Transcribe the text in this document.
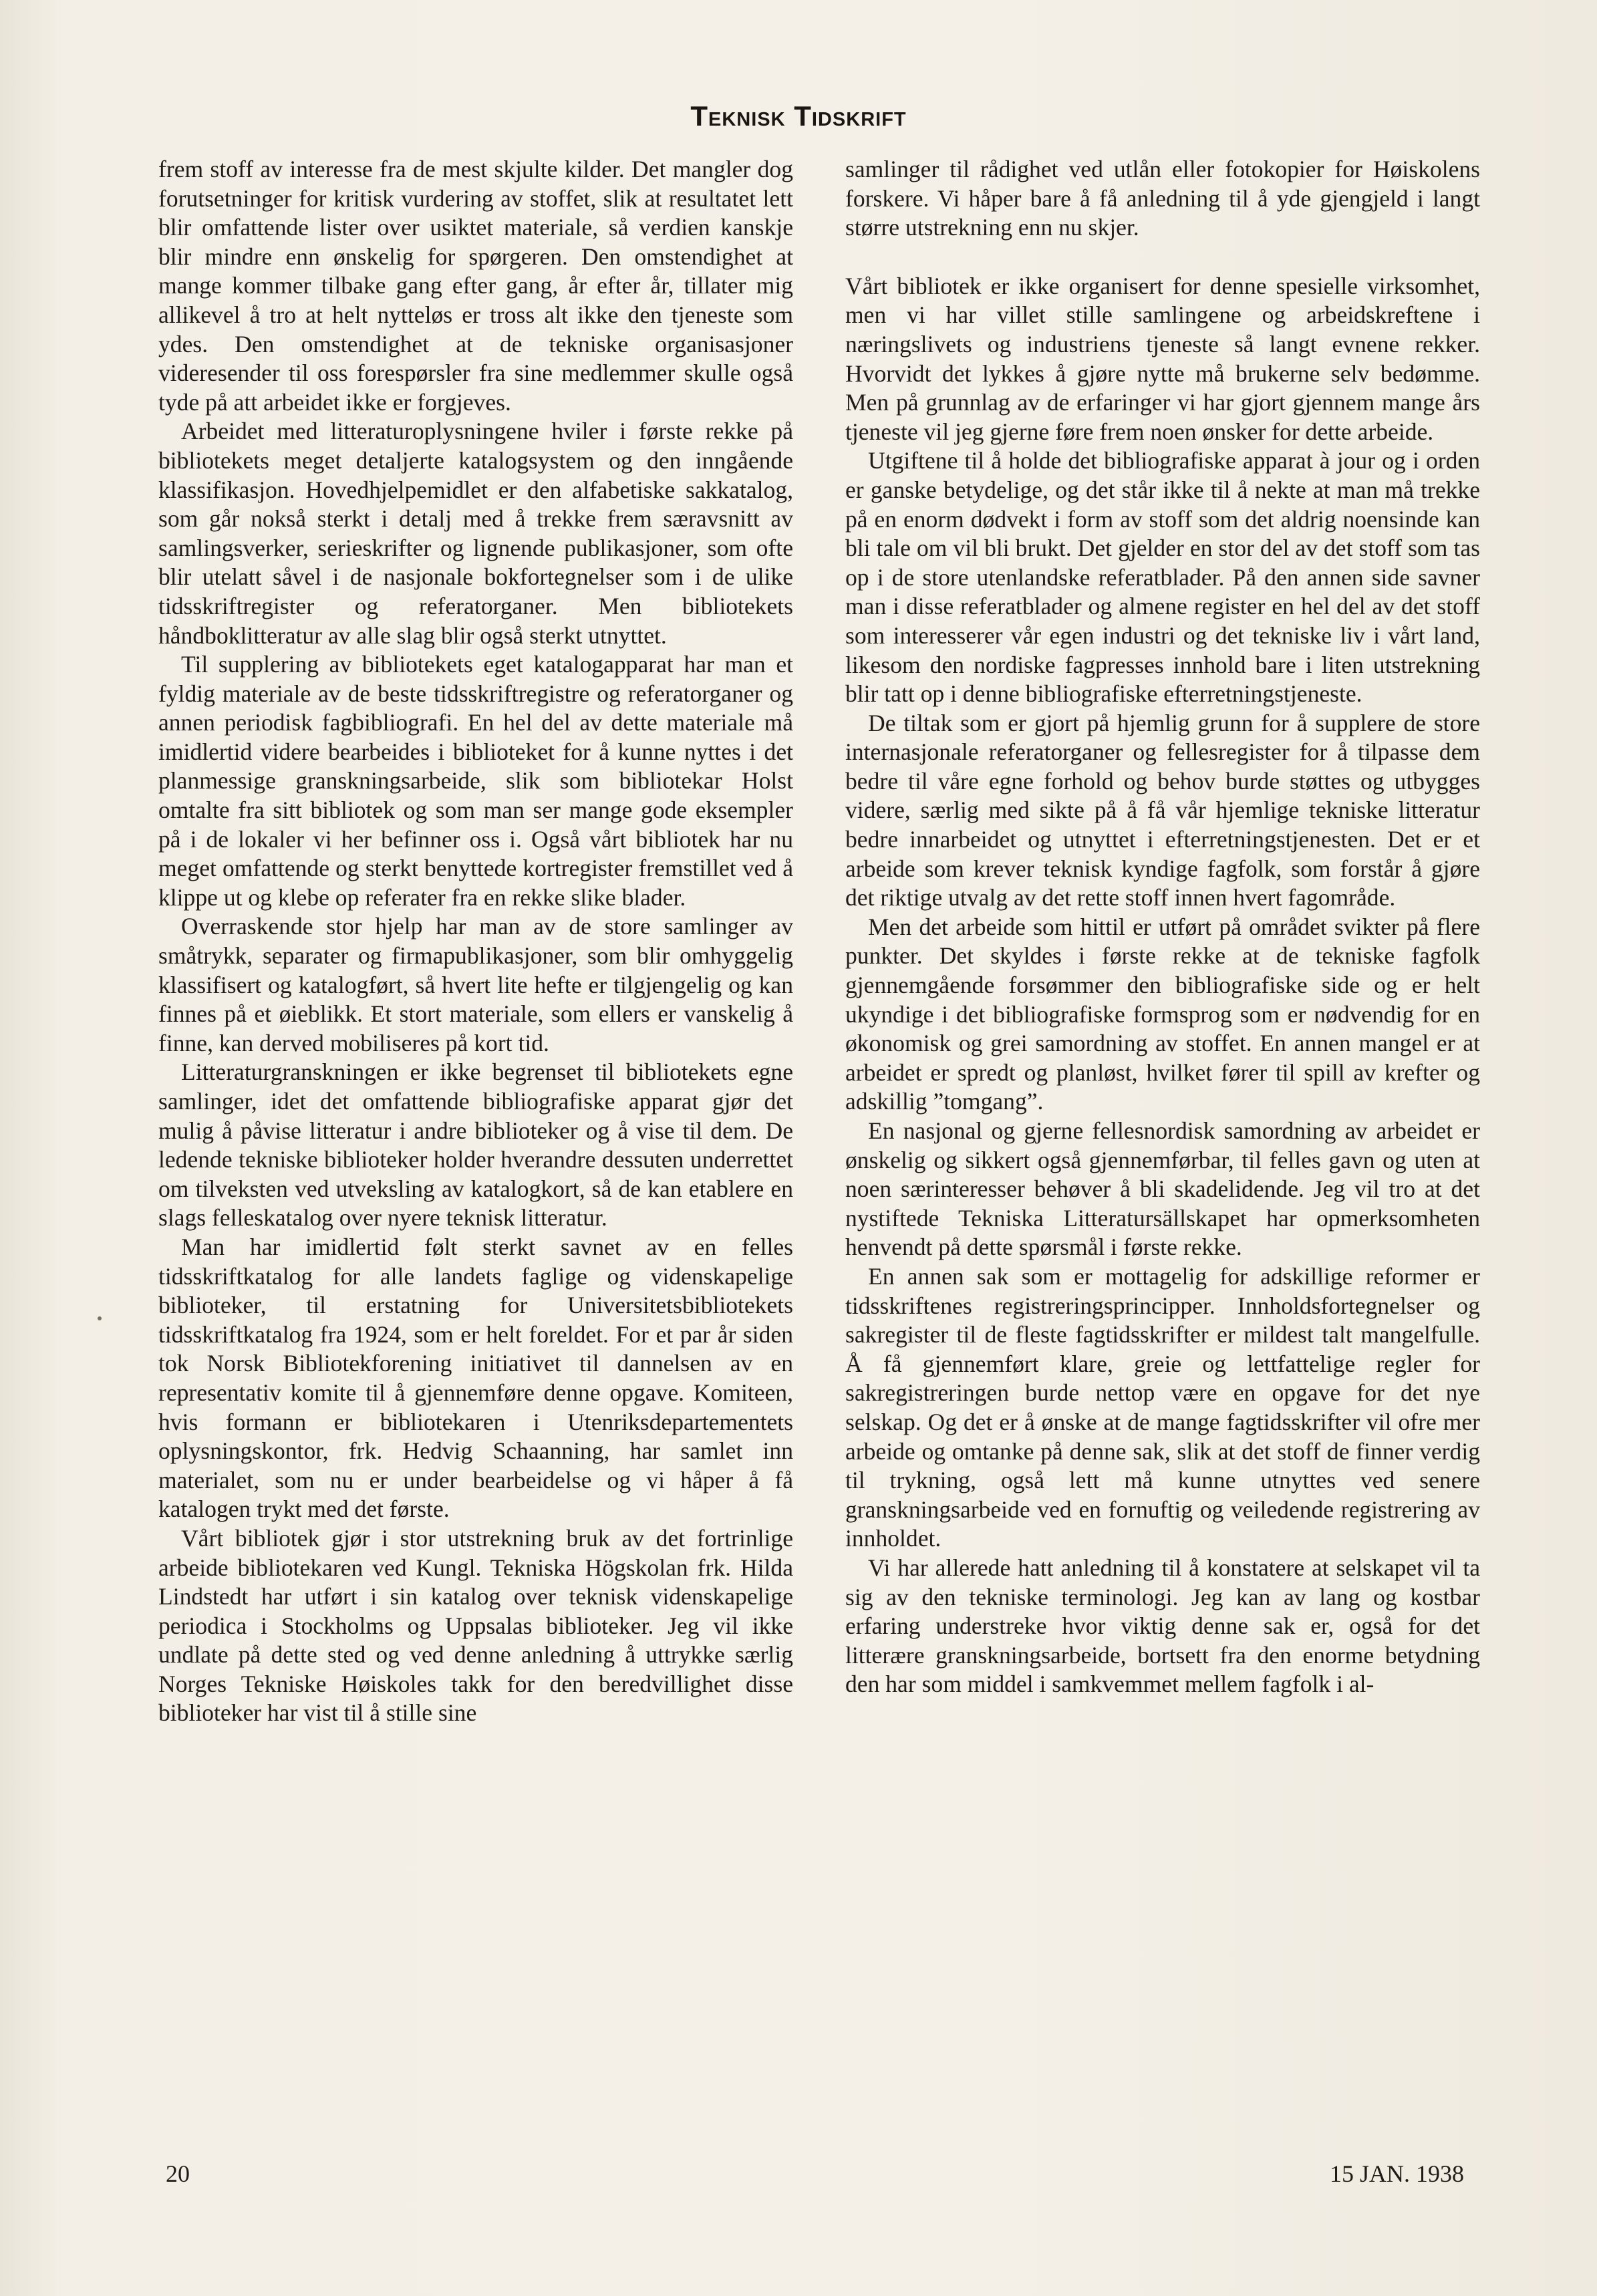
Teknisk Tidskrift

frem stoff av interesse fra de mest skjulte kilder. Det mangler dog forutsetninger for kritisk vurdering av stoffet, slik at resultatet lett blir omfattende lister over usiktet materiale, så verdien kanskje blir mindre enn ønskelig for spørgeren. Den omstendighet at mange kommer tilbake gang efter gang, år efter år, tillater mig allikevel å tro at helt nytteløs er tross alt ikke den tjeneste som ydes. Den omstendighet at de tekniske organisasjoner videresender til oss forespørsler fra sine medlemmer skulle også tyde på att arbeidet ikke er forgjeves.

Arbeidet med litteraturoplysningene hviler i første rekke på bibliotekets meget detaljerte katalogsystem og den inngående klassifikasjon. Hovedhjelpemidlet er den alfabetiske sakkatalog, som går nokså sterkt i detalj med å trekke frem særavsnitt av samlingsverker, serieskrifter og lignende publikasjoner, som ofte blir utelatt såvel i de nasjonale bokfortegnelser som i de ulike tidsskriftregister og referatorganer. Men bibliotekets håndboklitteratur av alle slag blir også sterkt utnyttet.

Til supplering av bibliotekets eget katalogapparat har man et fyldig materiale av de beste tidsskriftregistre og referatorganer og annen periodisk fagbibliografi. En hel del av dette materiale må imidlertid videre bearbeides i biblioteket for å kunne nyttes i det planmessige granskningsarbeide, slik som bibliotekar Holst omtalte fra sitt bibliotek og som man ser mange gode eksempler på i de lokaler vi her befinner oss i. Også vårt bibliotek har nu meget omfattende og sterkt benyttede kortregister fremstillet ved å klippe ut og klebe op referater fra en rekke slike blader.

Overraskende stor hjelp har man av de store samlinger av småtrykk, separater og firmapublikasjoner, som blir omhyggelig klassifisert og katalogført, så hvert lite hefte er tilgjengelig og kan finnes på et øieblikk. Et stort materiale, som ellers er vanskelig å finne, kan derved mobiliseres på kort tid.

Litteraturgranskningen er ikke begrenset til bibliotekets egne samlinger, idet det omfattende bibliografiske apparat gjør det mulig å påvise litteratur i andre biblioteker og å vise til dem. De ledende tekniske biblioteker holder hverandre dessuten underrettet om tilveksten ved utveksling av katalogkort, så de kan etablere en slags felleskatalog over nyere teknisk litteratur.

Man har imidlertid følt sterkt savnet av en felles tidsskriftkatalog for alle landets faglige og videnskapelige biblioteker, til erstatning for Universitetsbibliotekets tidsskriftkatalog fra 1924, som er helt foreldet. For et par år siden tok Norsk Bibliotekforening initiativet til dannelsen av en representativ komite til å gjennemføre denne opgave. Komiteen, hvis formann er bibliotekaren i Utenriksdepartementets oplysningskontor, frk. Hedvig Schaanning, har samlet inn materialet, som nu er under bearbeidelse og vi håper å få katalogen trykt med det første.

Vårt bibliotek gjør i stor utstrekning bruk av det fortrinlige arbeide bibliotekaren ved Kungl. Tekniska Högskolan frk. Hilda Lindstedt har utført i sin katalog over teknisk videnskapelige periodica i Stockholms og Uppsalas biblioteker. Jeg vil ikke undlate på dette sted og ved denne anledning å uttrykke særlig Norges Tekniske Høiskoles takk for den beredvillighet disse biblioteker har vist til å stille sine

samlinger til rådighet ved utlån eller fotokopier for Høiskolens forskere. Vi håper bare å få anledning til å yde gjengjeld i langt større utstrekning enn nu skjer.

Vårt bibliotek er ikke organisert for denne spesielle virksomhet, men vi har villet stille samlingene og arbeidskreftene i næringslivets og industriens tjeneste så langt evnene rekker. Hvorvidt det lykkes å gjøre nytte må brukerne selv bedømme. Men på grunnlag av de erfaringer vi har gjort gjennem mange års tjeneste vil jeg gjerne føre frem noen ønsker for dette arbeide.

Utgiftene til å holde det bibliografiske apparat à jour og i orden er ganske betydelige, og det står ikke til å nekte at man må trekke på en enorm dødvekt i form av stoff som det aldrig noensinde kan bli tale om vil bli brukt. Det gjelder en stor del av det stoff som tas op i de store utenlandske referatblader. På den annen side savner man i disse referatblader og almene register en hel del av det stoff som interesserer vår egen industri og det tekniske liv i vårt land, likesom den nordiske fagpresses innhold bare i liten utstrekning blir tatt op i denne bibliografiske efterretningstjeneste.

De tiltak som er gjort på hjemlig grunn for å supplere de store internasjonale referatorganer og fellesregister for å tilpasse dem bedre til våre egne forhold og behov burde støttes og utbygges videre, særlig med sikte på å få vår hjemlige tekniske litteratur bedre innarbeidet og utnyttet i efterretningstjenesten. Det er et arbeide som krever teknisk kyndige fagfolk, som forstår å gjøre det riktige utvalg av det rette stoff innen hvert fagområde.

Men det arbeide som hittil er utført på området svikter på flere punkter. Det skyldes i første rekke at de tekniske fagfolk gjennemgående forsømmer den bibliografiske side og er helt ukyndige i det bibliografiske formsprog som er nødvendig for en økonomisk og grei samordning av stoffet. En annen mangel er at arbeidet er spredt og planløst, hvilket fører til spill av krefter og adskillig ”tomgang”.

En nasjonal og gjerne fellesnordisk samordning av arbeidet er ønskelig og sikkert også gjennemførbar, til felles gavn og uten at noen særinteresser behøver å bli skadelidende. Jeg vil tro at det nystiftede Tekniska Litteratursällskapet har opmerksomheten henvendt på dette spørsmål i første rekke.

En annen sak som er mottagelig for adskillige reformer er tidsskriftenes registreringsprincipper. Innholdsfortegnelser og sakregister til de fleste fagtidsskrifter er mildest talt mangelfulle. Å få gjennemført klare, greie og lettfattelige regler for sakregistreringen burde nettop være en opgave for det nye selskap. Og det er å ønske at de mange fagtidsskrifter vil ofre mer arbeide og omtanke på denne sak, slik at det stoff de finner verdig til trykning, også lett må kunne utnyttes ved senere granskningsarbeide ved en fornuftig og veiledende registrering av innholdet.

Vi har allerede hatt anledning til å konstatere at selskapet vil ta sig av den tekniske terminologi. Jeg kan av lang og kostbar erfaring understreke hvor viktig denne sak er, også for det litterære granskningsarbeide, bortsett fra den enorme betydning den har som middel i samkvemmet mellem fagfolk i al-

20	15 JAN. 1938
